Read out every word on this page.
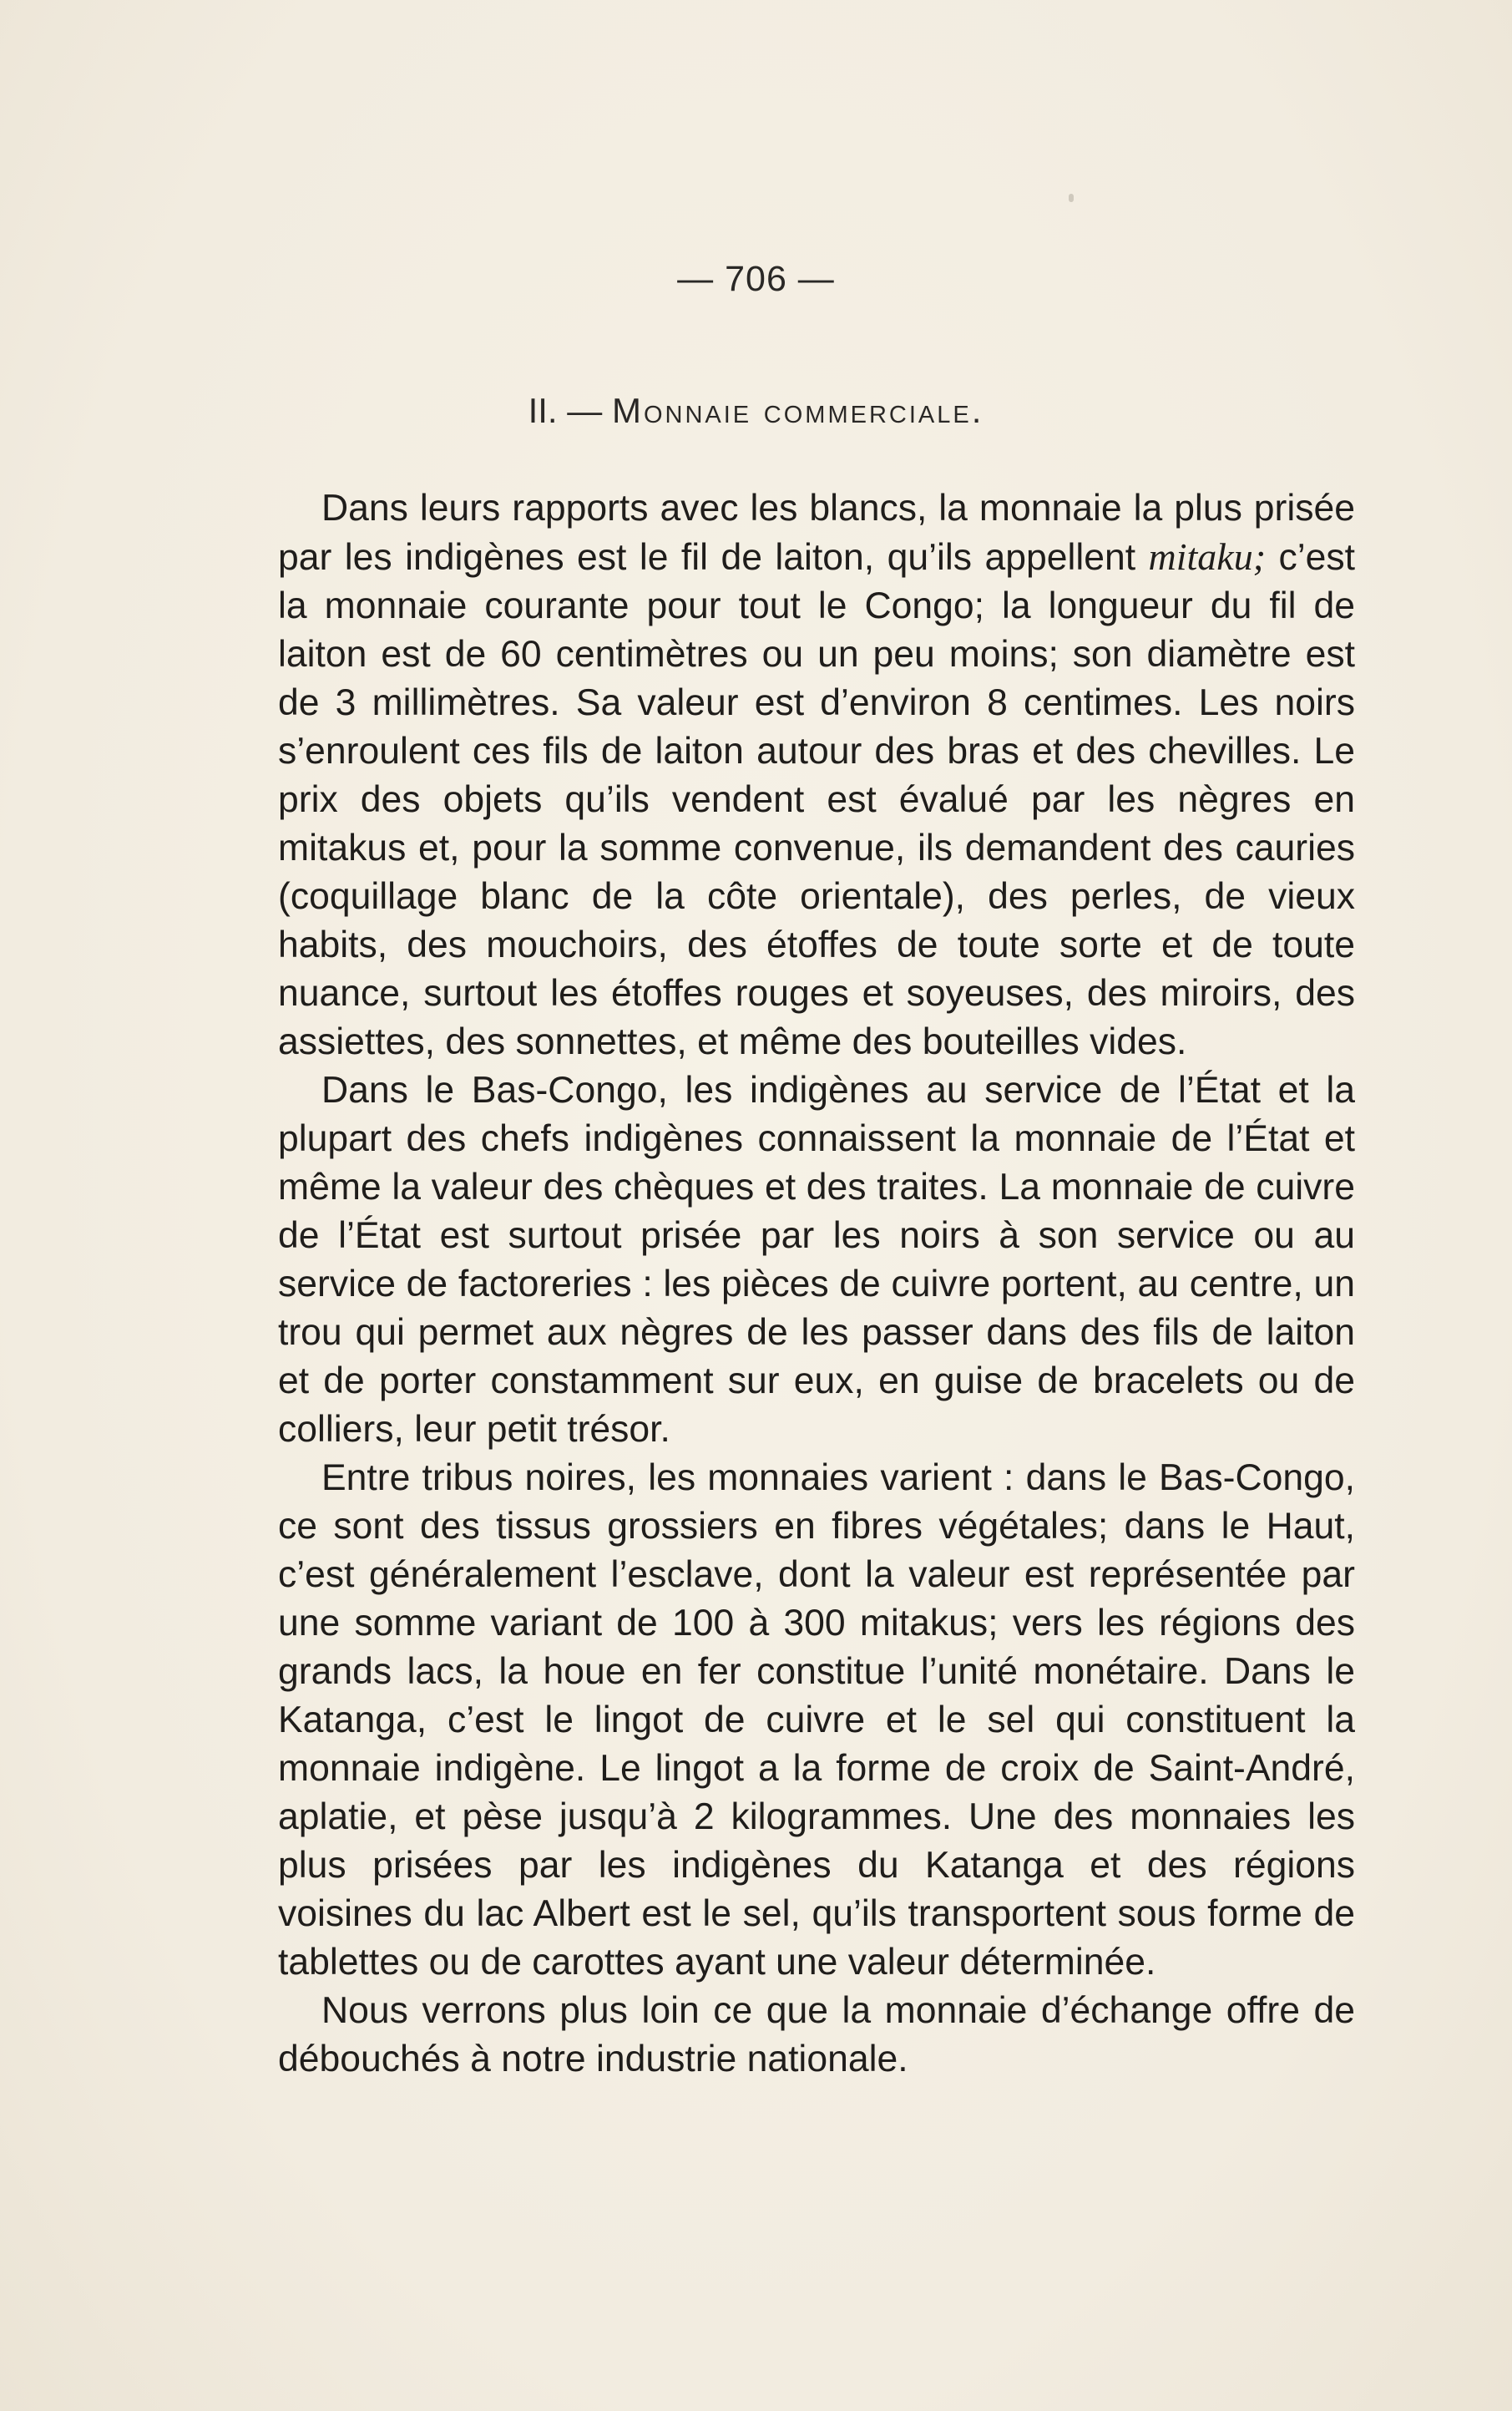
— 706 —
II. — Monnaie commerciale.

Dans leurs rapports avec les blancs, la monnaie la plus prisée par les indigènes est le fil de laiton, qu’ils appellent mitaku; c’est la monnaie courante pour tout le Congo; la longueur du fil de laiton est de 60 centimètres ou un peu moins; son diamètre est de 3 millimètres. Sa valeur est d’environ 8 centimes. Les noirs s’enroulent ces fils de laiton autour des bras et des chevilles. Le prix des objets qu’ils vendent est évalué par les nègres en mitakus et, pour la somme convenue, ils demandent des cauries (coquillage blanc de la côte orientale), des perles, de vieux habits, des mouchoirs, des étoffes de toute sorte et de toute nuance, surtout les étoffes rouges et soyeuses, des miroirs, des assiettes, des sonnettes, et même des bouteilles vides.

Dans le Bas-Congo, les indigènes au service de l’État et la plupart des chefs indigènes connaissent la monnaie de l’État et même la valeur des chèques et des traites. La monnaie de cuivre de l’État est surtout prisée par les noirs à son service ou au service de factoreries : les pièces de cuivre portent, au centre, un trou qui permet aux nègres de les passer dans des fils de laiton et de porter constamment sur eux, en guise de bracelets ou de colliers, leur petit trésor.

Entre tribus noires, les monnaies varient : dans le Bas-Congo, ce sont des tissus grossiers en fibres végétales; dans le Haut, c’est généralement l’esclave, dont la valeur est représentée par une somme variant de 100 à 300 mitakus; vers les régions des grands lacs, la houe en fer constitue l’unité monétaire. Dans le Katanga, c’est le lingot de cuivre et le sel qui constituent la monnaie indigène. Le lingot a la forme de croix de Saint-André, aplatie, et pèse jusqu’à 2 kilogrammes. Une des monnaies les plus prisées par les indigènes du Katanga et des régions voisines du lac Albert est le sel, qu’ils transportent sous forme de tablettes ou de carottes ayant une valeur déterminée.

Nous verrons plus loin ce que la monnaie d’échange offre de débouchés à notre industrie nationale.
